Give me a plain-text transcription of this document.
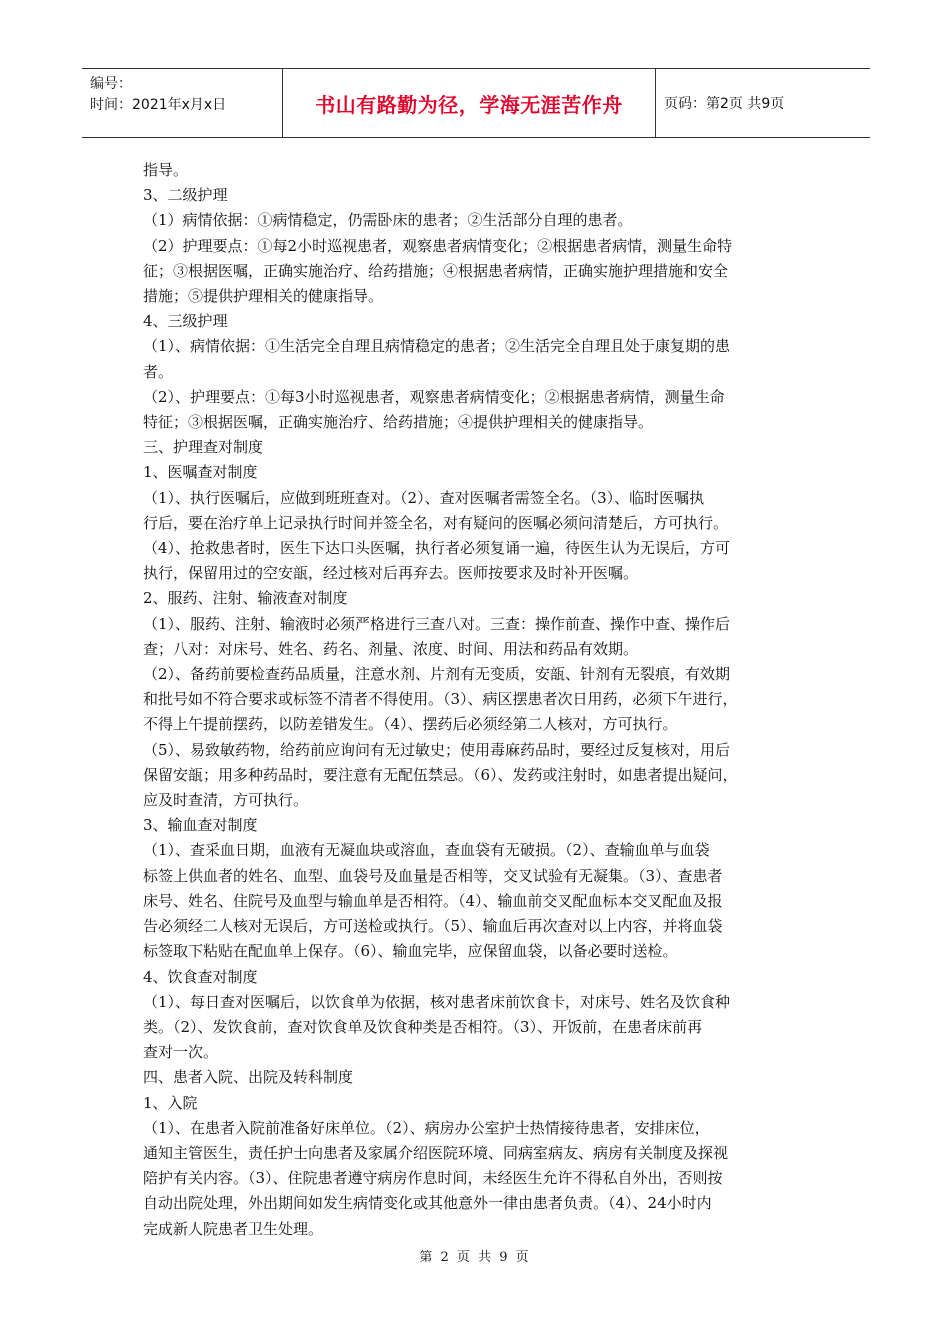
编号：
时间：2021年x月x日	书山有路勤为径，学海无涯苦作舟	页码：第2页 共9页

指导。

3、二级护理

（1）病情依据：①病情稳定，仍需卧床的患者；②生活部分自理的患者。

（2）护理要点：①每2小时巡视患者，观察患者病情变化；②根据患者病情，测量生命特

征；③根据医嘱，正确实施治疗、给药措施；④根据患者病情，正确实施护理措施和安全

措施；⑤提供护理相关的健康指导。

4、三级护理

（1）、病情依据：①生活完全自理且病情稳定的患者；②生活完全自理且处于康复期的患

者。

（2）、护理要点：①每3小时巡视患者，观察患者病情变化；②根据患者病情，测量生命

特征；③根据医嘱，正确实施治疗、给药措施；④提供护理相关的健康指导。

三、护理查对制度

1、医嘱查对制度

（1）、执行医嘱后，应做到班班查对。（2）、查对医嘱者需签全名。（3）、临时医嘱执

行后，要在治疗单上记录执行时间并签全名，对有疑问的医嘱必须问清楚后，方可执行。

（4）、抢救患者时，医生下达口头医嘱，执行者必须复诵一遍，待医生认为无误后，方可

执行，保留用过的空安瓿，经过核对后再弃去。医师按要求及时补开医嘱。

2、服药、注射、输液查对制度

（1）、服药、注射、输液时必须严格进行三查八对。三查：操作前查、操作中查、操作后

查；八对：对床号、姓名、药名、剂量、浓度、时间、用法和药品有效期。

（2）、备药前要检查药品质量，注意水剂、片剂有无变质，安瓿、针剂有无裂痕，有效期

和批号如不符合要求或标签不清者不得使用。（3）、病区摆患者次日用药，必须下午进行，

不得上午提前摆药，以防差错发生。（4）、摆药后必须经第二人核对，方可执行。

（5）、易致敏药物，给药前应询问有无过敏史；使用毒麻药品时，要经过反复核对，用后

保留安瓿；用多种药品时，要注意有无配伍禁忌。（6）、发药或注射时，如患者提出疑问，

应及时查清，方可执行。

3、输血查对制度

（1）、查采血日期，血液有无凝血块或溶血，查血袋有无破损。（2）、查输血单与血袋

标签上供血者的姓名、血型、血袋号及血量是否相等，交叉试验有无凝集。（3）、查患者

床号、姓名、住院号及血型与输血单是否相符。（4）、输血前交叉配血标本交叉配血及报

告必须经二人核对无误后，方可送检或执行。（5）、输血后再次查对以上内容，并将血袋

标签取下粘贴在配血单上保存。（6）、输血完毕，应保留血袋，以备必要时送检。

4、饮食查对制度

（1）、每日查对医嘱后，以饮食单为依据，核对患者床前饮食卡，对床号、姓名及饮食种

类。（2）、发饮食前，查对饮食单及饮食种类是否相符。（3）、开饭前，在患者床前再

查对一次。

四、患者入院、出院及转科制度

1、入院

（1）、在患者入院前准备好床单位。（2）、病房办公室护士热情接待患者，安排床位，

通知主管医生，责任护士向患者及家属介绍医院环境、同病室病友、病房有关制度及探视

陪护有关内容。（3）、住院患者遵守病房作息时间，未经医生允许不得私自外出，否则按

自动出院处理，外出期间如发生病情变化或其他意外一律由患者负责。（4）、24小时内

完成新人院患者卫生处理。

第 2 页 共 9 页
